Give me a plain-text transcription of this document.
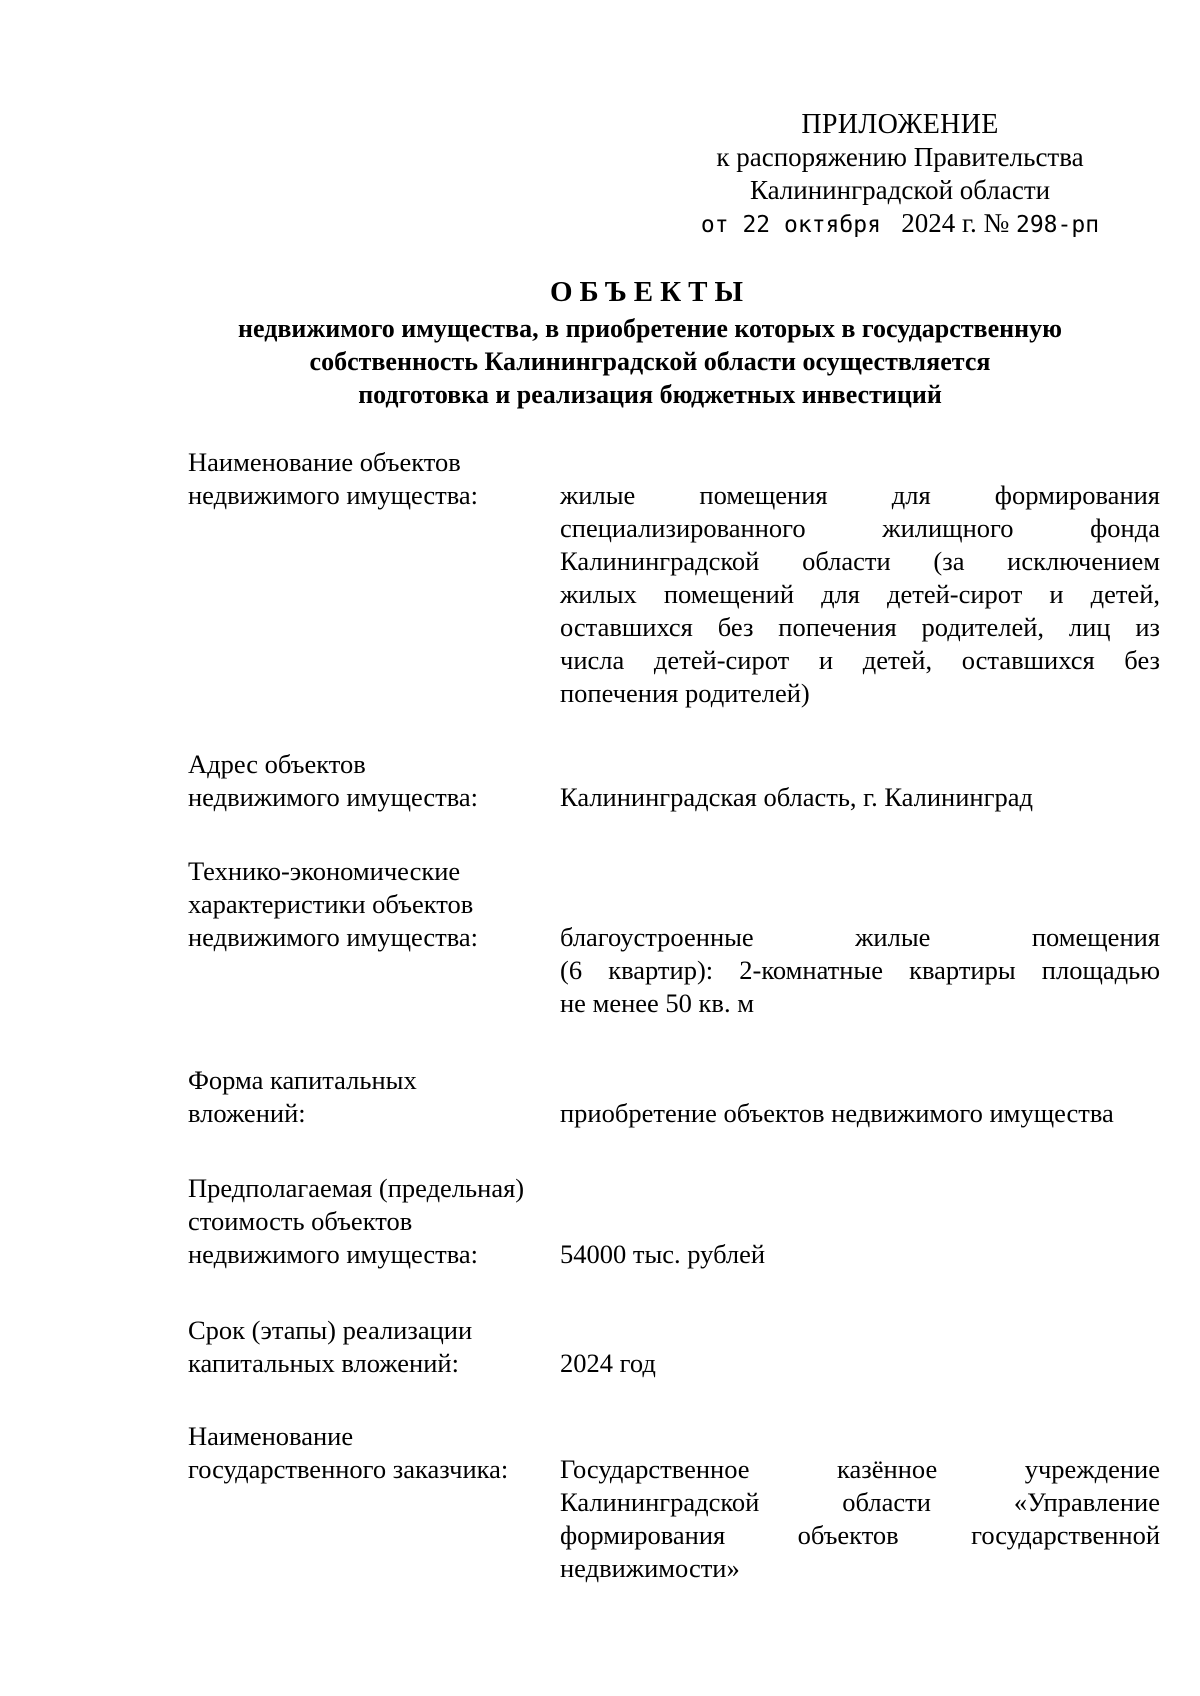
ПРИЛОЖЕНИЕ
к распоряжению Правительства
Калининградской области
от 22 октября 2024 г. № 298-рп
ОБЪЕКТЫ
недвижимого имущества, в приобретение которых в государственную
собственность Калининградской области осуществляется
подготовка и реализация бюджетных инвестиций
Наименование объектов
недвижимого имущества:	жилые помещения для формирования
специализированного жилищного фонда
Калининградской области (за исключением
жилых помещений для детей-сирот и детей,
оставшихся без попечения родителей, лиц из
числа детей-сирот и детей, оставшихся без
попечения родителей)
Адрес объектов
недвижимого имущества:	Калининградская область, г. Калининград
Технико-экономические
характеристики объектов
недвижимого имущества:	благоустроенные жилые помещения
(6 квартир): 2-комнатные квартиры площадью
не менее 50 кв. м
Форма капитальных
вложений:	приобретение объектов недвижимого имущества
Предполагаемая (предельная)
стоимость объектов
недвижимого имущества:	54000 тыс. рублей
Срок (этапы) реализации
капитальных вложений:	2024 год
Наименование
государственного заказчика:	Государственное казённое учреждение
Калининградской области «Управление
формирования объектов государственной
недвижимости»
